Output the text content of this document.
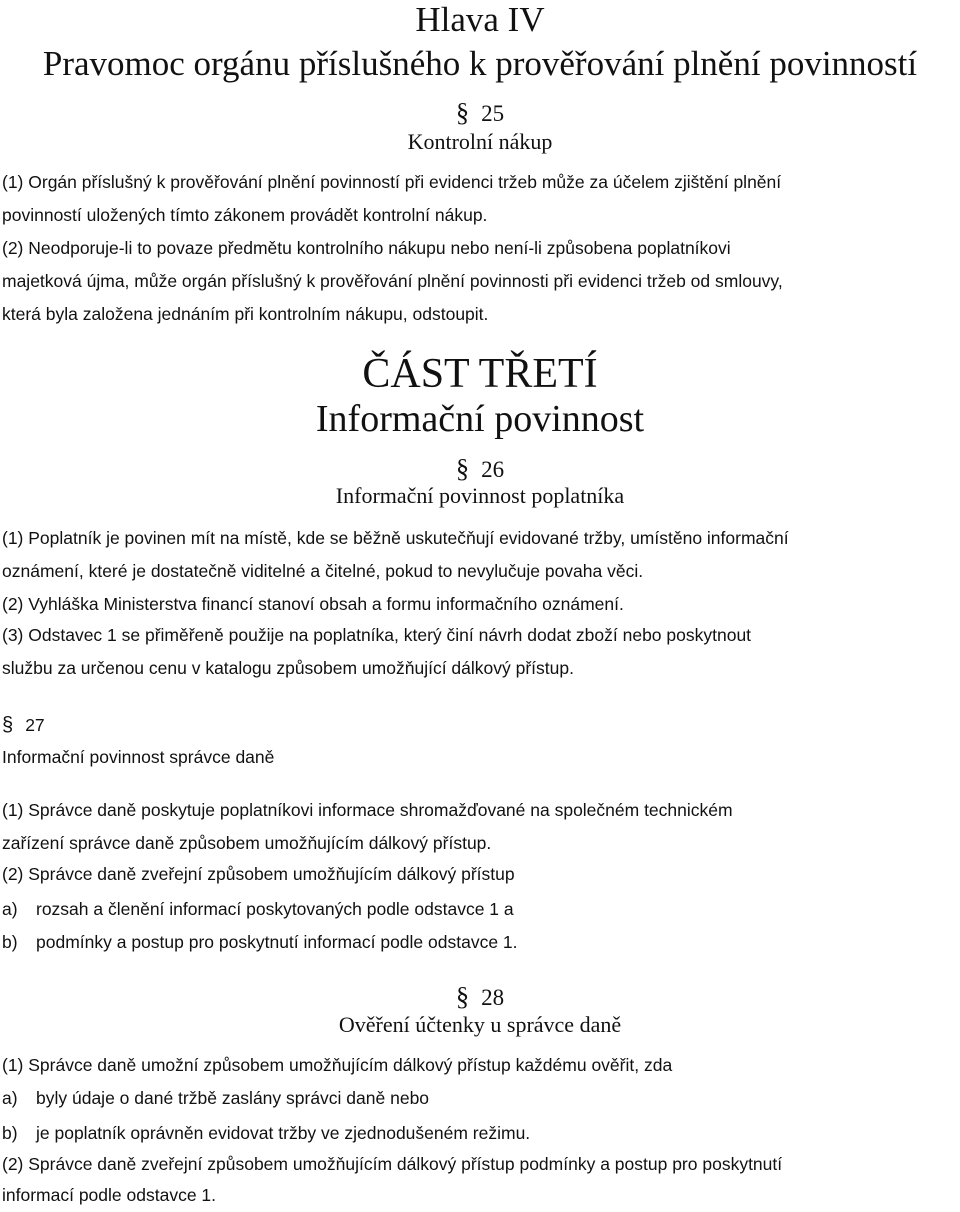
Hlava IV
Pravomoc orgánu příslušného k prověřování plnění povinností
§ 25
Kontrolní nákup

(1) Orgán příslušný k prověřování plnění povinností při evidenci tržeb může za účelem zjištění plnění

povinností uložených tímto zákonem provádět kontrolní nákup.

(2) Neodporuje-li to povaze předmětu kontrolního nákupu nebo není-li způsobena poplatníkovi

majetková újma, může orgán příslušný k prověřování plnění povinnosti při evidenci tržeb od smlouvy,

která byla založena jednáním při kontrolním nákupu, odstoupit.

ČÁST TŘETÍ
Informační povinnost
§ 26
Informační povinnost poplatníka

(1) Poplatník je povinen mít na místě, kde se běžně uskutečňují evidované tržby, umístěno informační

oznámení, které je dostatečně viditelné a čitelné, pokud to nevylučuje povaha věci.

(2) Vyhláška Ministerstva financí stanoví obsah a formu informačního oznámení.

(3) Odstavec 1 se přiměřeně použije na poplatníka, který činí návrh dodat zboží nebo poskytnout

službu za určenou cenu v katalogu způsobem umožňující dálkový přístup.

§ 27

Informační povinnost správce daně

(1) Správce daně poskytuje poplatníkovi informace shromažďované na společném technickém

zařízení správce daně způsobem umožňujícím dálkový přístup.

(2) Správce daně zveřejní způsobem umožňujícím dálkový přístup

a) rozsah a členění informací poskytovaných podle odstavce 1 a

b) podmínky a postup pro poskytnutí informací podle odstavce 1.

§ 28
Ověření účtenky u správce daně

(1) Správce daně umožní způsobem umožňujícím dálkový přístup každému ověřit, zda

a) byly údaje o dané tržbě zaslány správci daně nebo

b) je poplatník oprávněn evidovat tržby ve zjednodušeném režimu.

(2) Správce daně zveřejní způsobem umožňujícím dálkový přístup podmínky a postup pro poskytnutí

informací podle odstavce 1.
